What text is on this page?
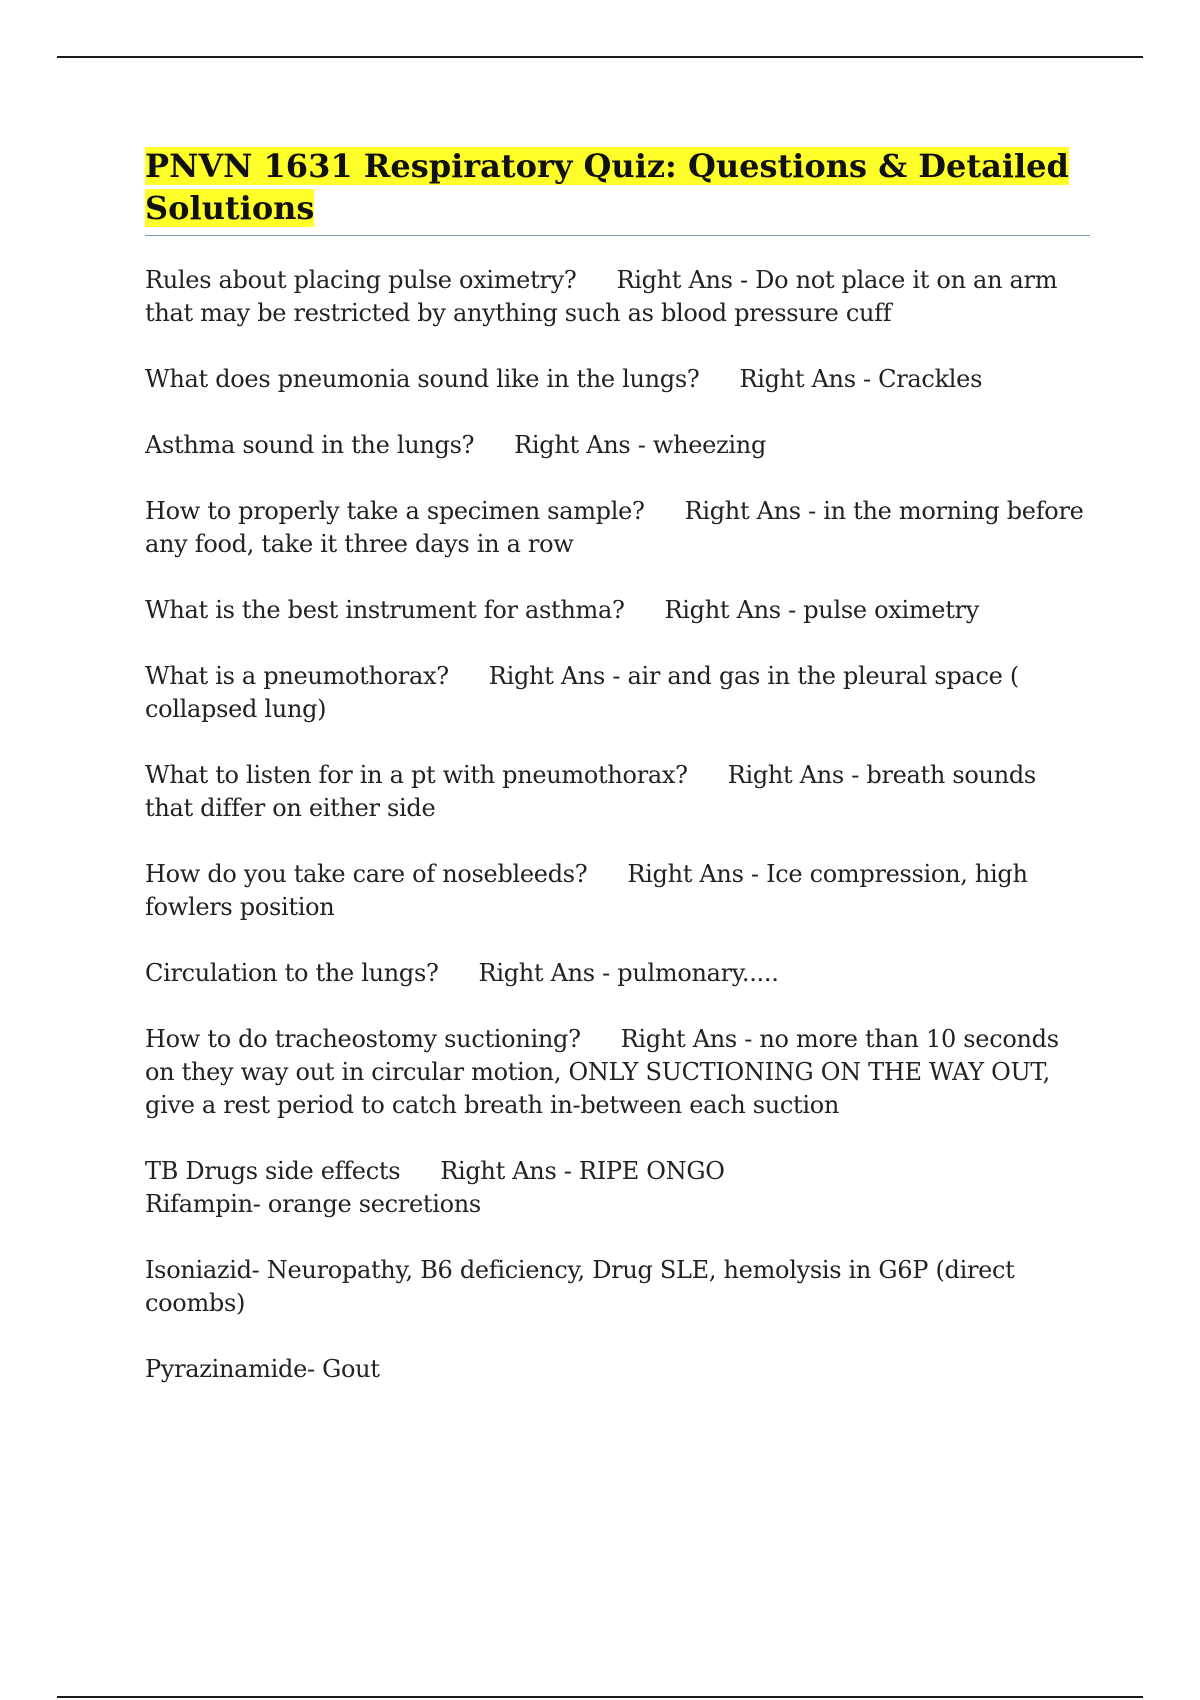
PNVN 1631 Respiratory Quiz: Questions & Detailed Solutions

Rules about placing pulse oximetry? Right Ans - Do not place it on an arm that may be restricted by anything such as blood pressure cuff

What does pneumonia sound like in the lungs? Right Ans - Crackles

Asthma sound in the lungs? Right Ans - wheezing

How to properly take a specimen sample? Right Ans - in the morning before any food, take it three days in a row

What is the best instrument for asthma? Right Ans - pulse oximetry

What is a pneumothorax? Right Ans - air and gas in the pleural space ( collapsed lung)

What to listen for in a pt with pneumothorax? Right Ans - breath sounds that differ on either side

How do you take care of nosebleeds? Right Ans - Ice compression, high fowlers position

Circulation to the lungs? Right Ans - pulmonary.....

How to do tracheostomy suctioning? Right Ans - no more than 10 seconds on they way out in circular motion, ONLY SUCTIONING ON THE WAY OUT, give a rest period to catch breath in-between each suction

TB Drugs side effects Right Ans - RIPE ONGO
Rifampin- orange secretions

Isoniazid- Neuropathy, B6 deficiency, Drug SLE, hemolysis in G6P (direct coombs)

Pyrazinamide- Gout
